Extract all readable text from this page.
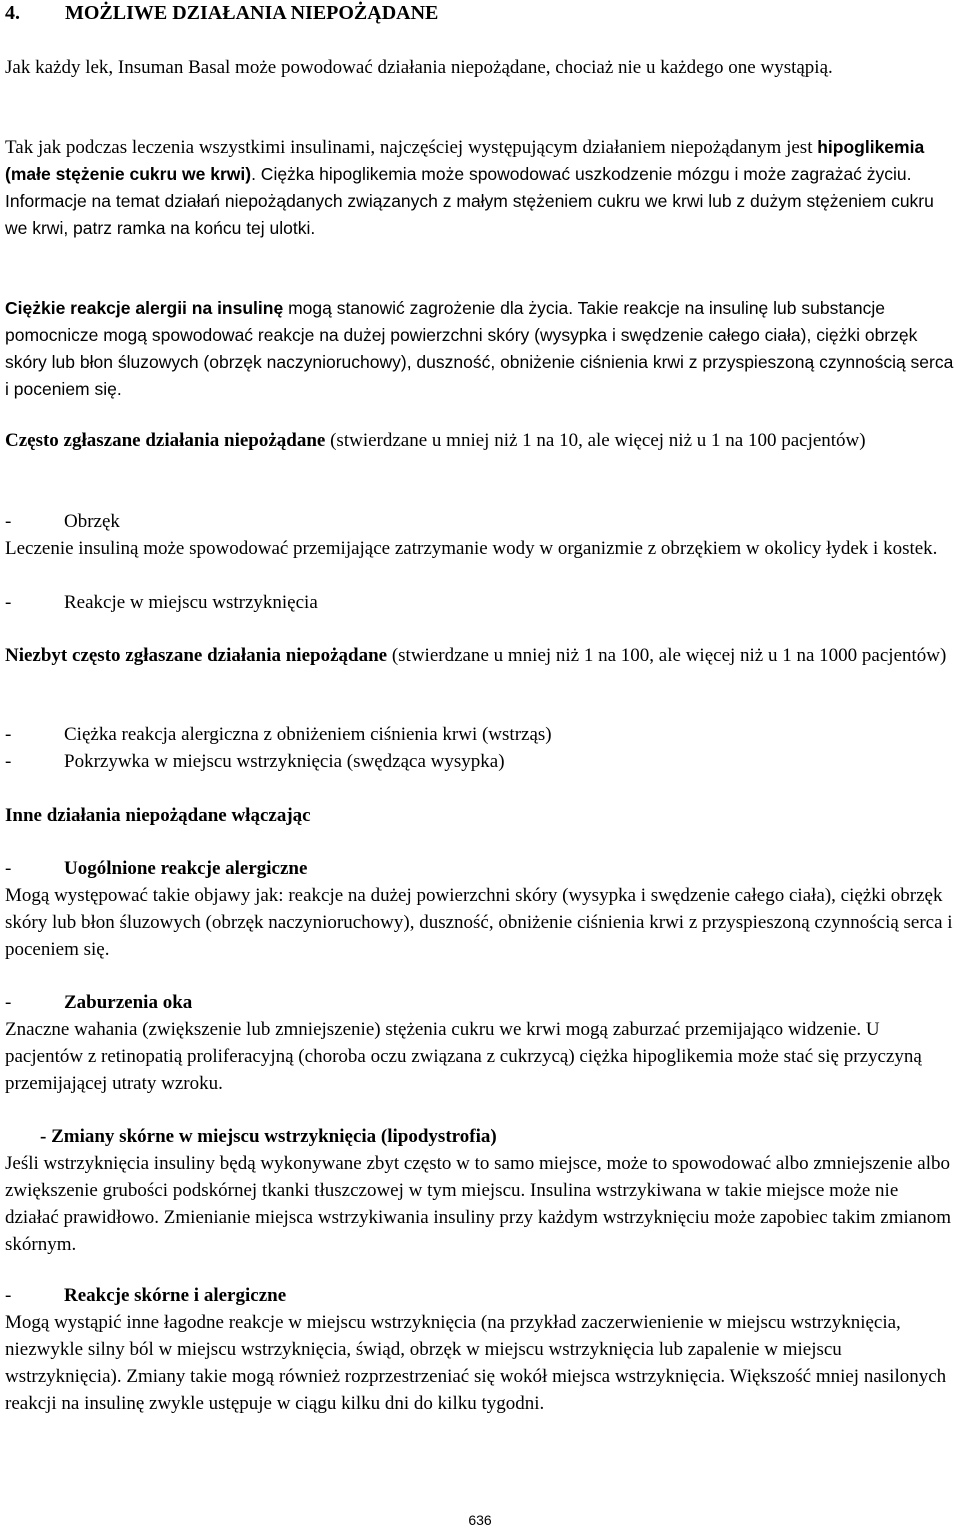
4. MOŻLIWE DZIAŁANIA NIEPOŻĄDANE

Jak każdy lek, Insuman Basal może powodować działania niepożądane, chociaż nie u każdego one wystąpią.

Tak jak podczas leczenia wszystkimi insulinami, najczęściej występującym działaniem niepożądanym jest hipoglikemia (małe stężenie cukru we krwi). Ciężka hipoglikemia może spowodować uszkodzenie mózgu i może zagrażać życiu. Informacje na temat działań niepożądanych związanych z małym stężeniem cukru we krwi lub z dużym stężeniem cukru we krwi, patrz ramka na końcu tej ulotki.

Ciężkie reakcje alergii na insulinę mogą stanowić zagrożenie dla życia. Takie reakcje na insulinę lub substancje pomocnicze mogą spowodować reakcje na dużej powierzchni skóry (wysypka i swędzenie całego ciała), ciężki obrzęk skóry lub błon śluzowych (obrzęk naczynioruchowy), duszność, obniżenie ciśnienia krwi z przyspieszoną czynnością serca i poceniem się.

Często zgłaszane działania niepożądane (stwierdzane u mniej niż 1 na 10, ale więcej niż u 1 na 100 pacjentów)

-	Obrzęk

Leczenie insuliną może spowodować przemijające zatrzymanie wody w organizmie z obrzękiem w okolicy łydek i kostek.

-	Reakcje w miejscu wstrzyknięcia

Niezbyt często zgłaszane działania niepożądane (stwierdzane u mniej niż 1 na 100, ale więcej niż u 1 na 1000 pacjentów)

-	Ciężka reakcja alergiczna z obniżeniem ciśnienia krwi (wstrząs)
-	Pokrzywka w miejscu wstrzyknięcia (swędząca wysypka)
Inne działania niepożądane włączając
-	Uogólnione reakcje alergiczne

Mogą występować takie objawy jak: reakcje na dużej powierzchni skóry (wysypka i swędzenie całego ciała), ciężki obrzęk skóry lub błon śluzowych (obrzęk naczynioruchowy), duszność, obniżenie ciśnienia krwi z przyspieszoną czynnością serca i poceniem się.

-	Zaburzenia oka

Znaczne wahania (zwiększenie lub zmniejszenie) stężenia cukru we krwi mogą zaburzać przemijająco widzenie. U pacjentów z retinopatią proliferacyjną (choroba oczu związana z cukrzycą) ciężka hipoglikemia może stać się przyczyną przemijającej utraty wzroku.

- Zmiany skórne w miejscu wstrzyknięcia (lipodystrofia)

Jeśli wstrzyknięcia insuliny będą wykonywane zbyt często w to samo miejsce, może to spowodować albo zmniejszenie albo zwiększenie grubości podskórnej tkanki tłuszczowej w tym miejscu. Insulina wstrzykiwana w takie miejsce może nie działać prawidłowo. Zmienianie miejsca wstrzykiwania insuliny przy każdym wstrzyknięciu może zapobiec takim zmianom skórnym.

-	Reakcje skórne i alergiczne

Mogą wystąpić inne łagodne reakcje w miejscu wstrzyknięcia (na przykład zaczerwienienie w miejscu wstrzyknięcia, niezwykle silny ból w miejscu wstrzyknięcia, świąd, obrzęk w miejscu wstrzyknięcia lub zapalenie w miejscu wstrzyknięcia). Zmiany takie mogą również rozprzestrzeniać się wokół miejsca wstrzyknięcia. Większość mniej nasilonych reakcji na insulinę zwykle ustępuje w ciągu kilku dni do kilku tygodni.

636
